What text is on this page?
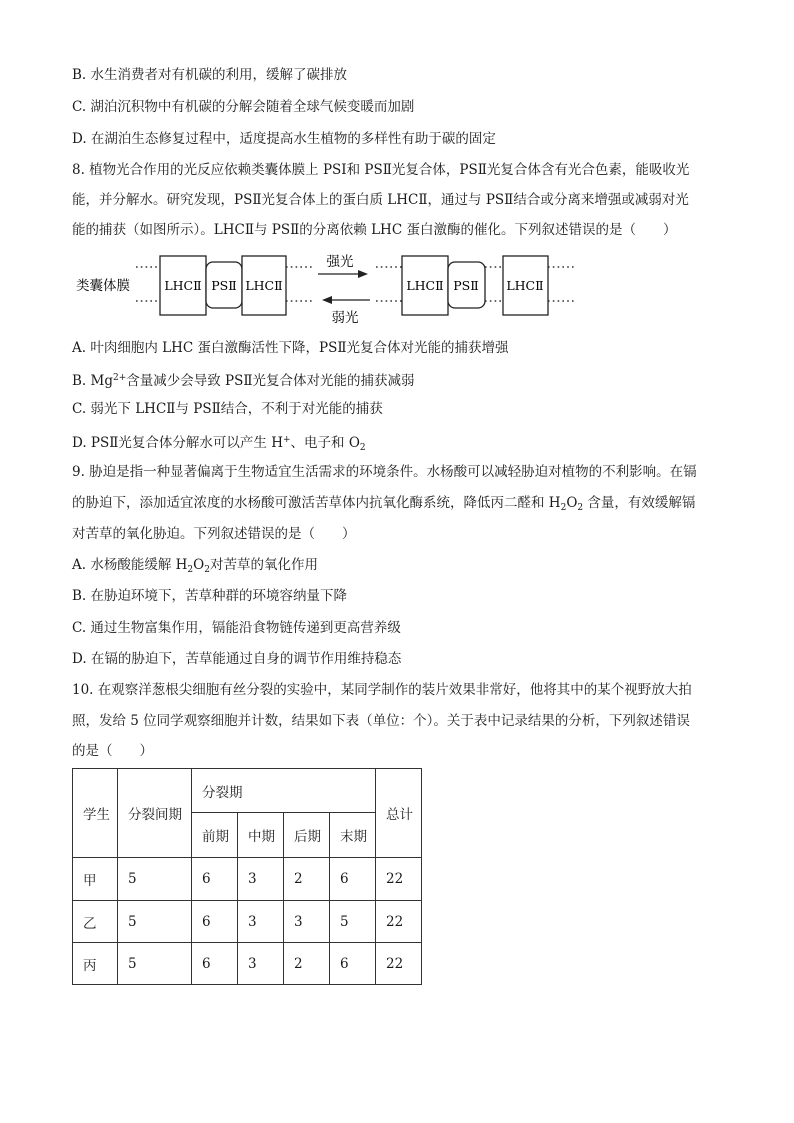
B. 水生消费者对有机碳的利用，缓解了碳排放
C. 湖泊沉积物中有机碳的分解会随着全球气候变暖而加剧
D. 在湖泊生态修复过程中，适度提高水生植物的多样性有助于碳的固定
8. 植物光合作用的光反应依赖类囊体膜上 PSⅠ和 PSⅡ光复合体，PSⅡ光复合体含有光合色素，能吸收光
能，并分解水。研究发现，PSⅡ光复合体上的蛋白质 LHCⅡ，通过与 PSⅡ结合或分离来增强或减弱对光
能的捕获（如图所示）。LHCⅡ与 PSⅡ的分离依赖 LHC 蛋白激酶的催化。下列叙述错误的是（　　）
类囊体膜	LHCⅡ PSⅡ LHCⅡ
强光
弱光
LHCⅡ PSⅡ LHCⅡ
A. 叶肉细胞内 LHC 蛋白激酶活性下降，PSⅡ光复合体对光能的捕获增强
B. $Mg^{2+}$含量减少会导致 PSⅡ光复合体对光能的捕获减弱
C. 弱光下 LHCⅡ与 PSⅡ结合，不利于对光能的捕获
D. PSⅡ光复合体分解水可以产生 H+、电子和 $O_2$
9. 胁迫是指一种显著偏离于生物适宜生活需求的环境条件。水杨酸可以减轻胁迫对植物的不利影响。在镉
的胁迫下，添加适宜浓度的水杨酸可激活苦草体内抗氧化酶系统，降低丙二醛和 $H_2O_2$ 含量，有效缓解镉
对苦草的氧化胁迫。下列叙述错误的是（　　）
A. 水杨酸能缓解 $H_2O_2$对苦草的氧化作用
B. 在胁迫环境下，苦草种群的环境容纳量下降
C. 通过生物富集作用，镉能沿食物链传递到更高营养级
D. 在镉的胁迫下，苦草能通过自身的调节作用维持稳态
10. 在观察洋葱根尖细胞有丝分裂的实验中，某同学制作的装片效果非常好，他将其中的某个视野放大拍
照，发给 5 位同学观察细胞并计数，结果如下表（单位：个）。关于表中记录结果的分析，下列叙述错误
的是（　　）
学生	分裂间期	分裂期				总计
		前期	中期	后期	末期	
甲	5	6	3	2	6	22
乙	5	6	3	3	5	22
丙	5	6	3	2	6	22
